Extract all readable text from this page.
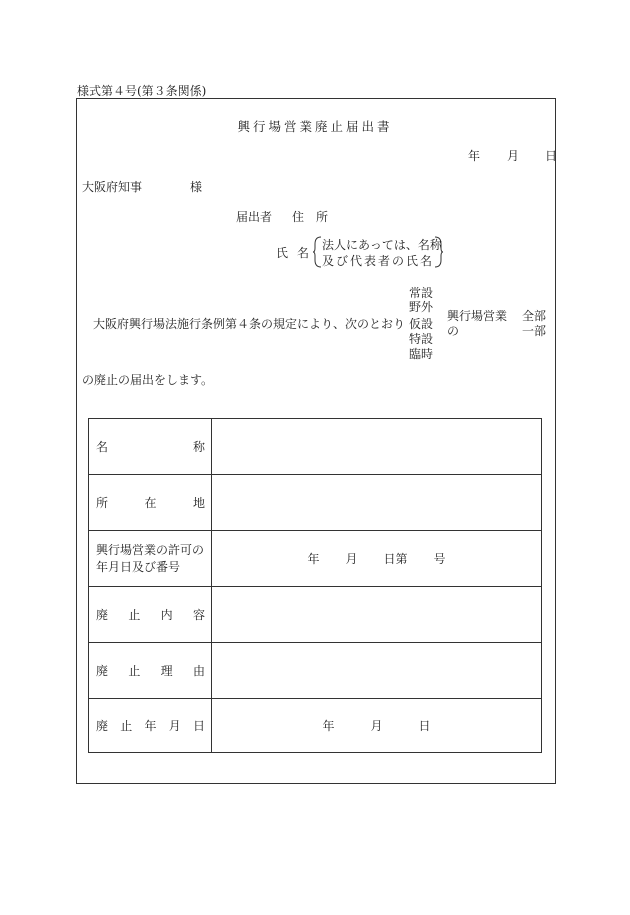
様式第４号(第３条関係)
興行場営業廃止届出書
年 月 日
大阪府知事	様
届出者 住　所
氏 名
法人にあっては、名称
及び代表者の氏名
大阪府興行場法施行条例第４条の規定により、次のとおり
常設
野外
仮設
特設
臨時
興行場営業
の
全部
一部
の廃止の届出をします。
名 称	

所 在 地	

興行場営業の許可の
年月日及び番号	年 月 日第 号

廃 止 内 容	

廃 止 理 由	

廃 止 年 月 日	年 月 日
